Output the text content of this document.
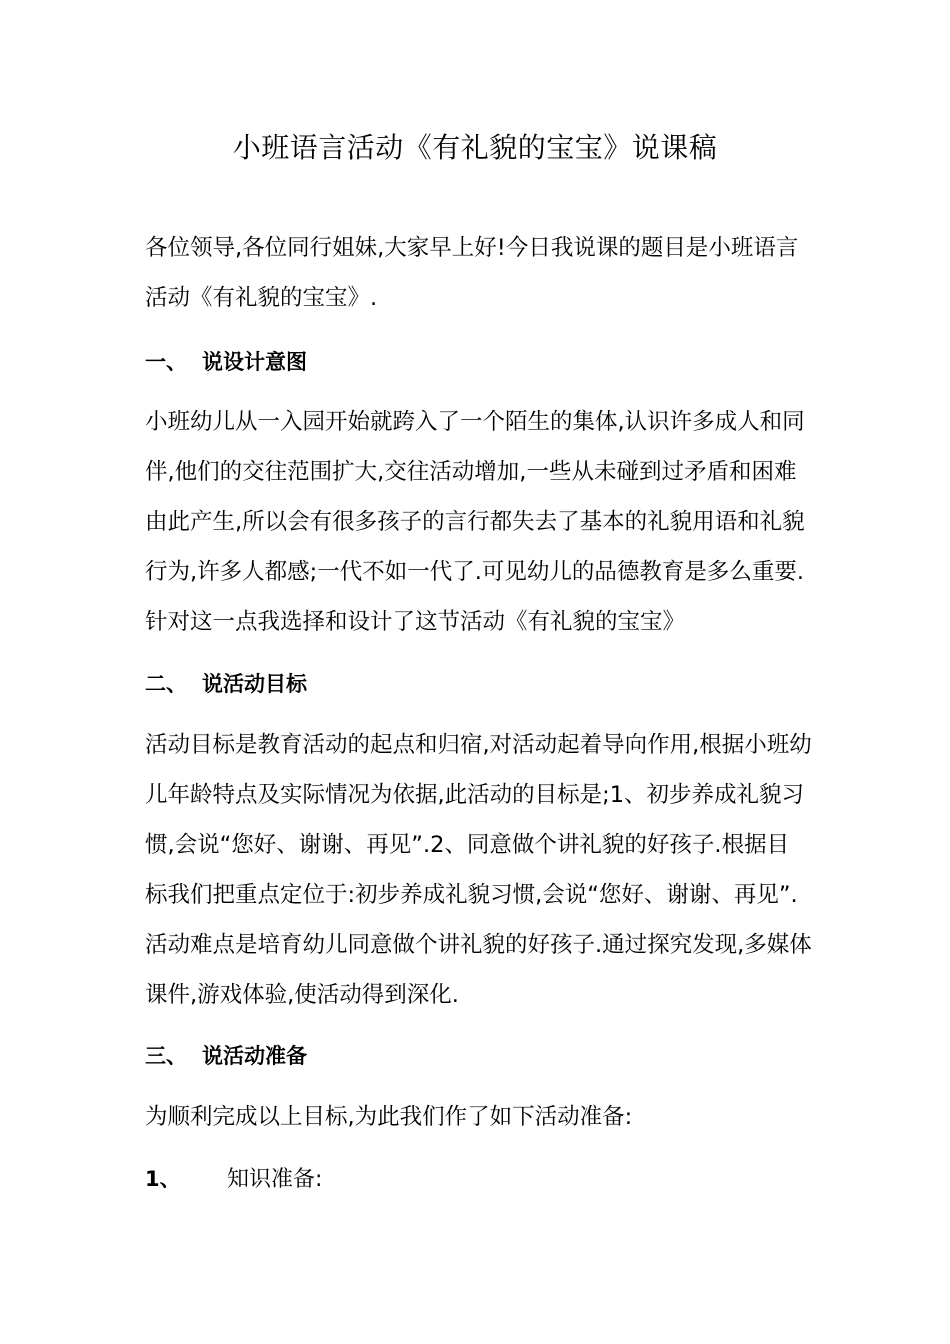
小班语言活动《有礼貌的宝宝》说课稿

各位领导,各位同行姐妹,大家早上好!今日我说课的题目是小班语言
活动《有礼貌的宝宝》.

一、 说设计意图

小班幼儿从一入园开始就跨入了一个陌生的集体,认识许多成人和同
伴,他们的交往范围扩大,交往活动增加,一些从未碰到过矛盾和困难
由此产生,所以会有很多孩子的言行都失去了基本的礼貌用语和礼貌
行为,许多人都感;一代不如一代了.可见幼儿的品德教育是多么重要.
针对这一点我选择和设计了这节活动《有礼貌的宝宝》

二、 说活动目标

活动目标是教育活动的起点和归宿,对活动起着导向作用,根据小班幼
儿年龄特点及实际情况为依据,此活动的目标是;1、初步养成礼貌习
惯,会说“您好、谢谢、再见”.2、同意做个讲礼貌的好孩子.根据目
标我们把重点定位于:初步养成礼貌习惯,会说“您好、谢谢、再见”.
活动难点是培育幼儿同意做个讲礼貌的好孩子.通过探究发现,多媒体
课件,游戏体验,使活动得到深化.

三、 说活动准备

为顺利完成以上目标,为此我们作了如下活动准备:

1、 知识准备:
